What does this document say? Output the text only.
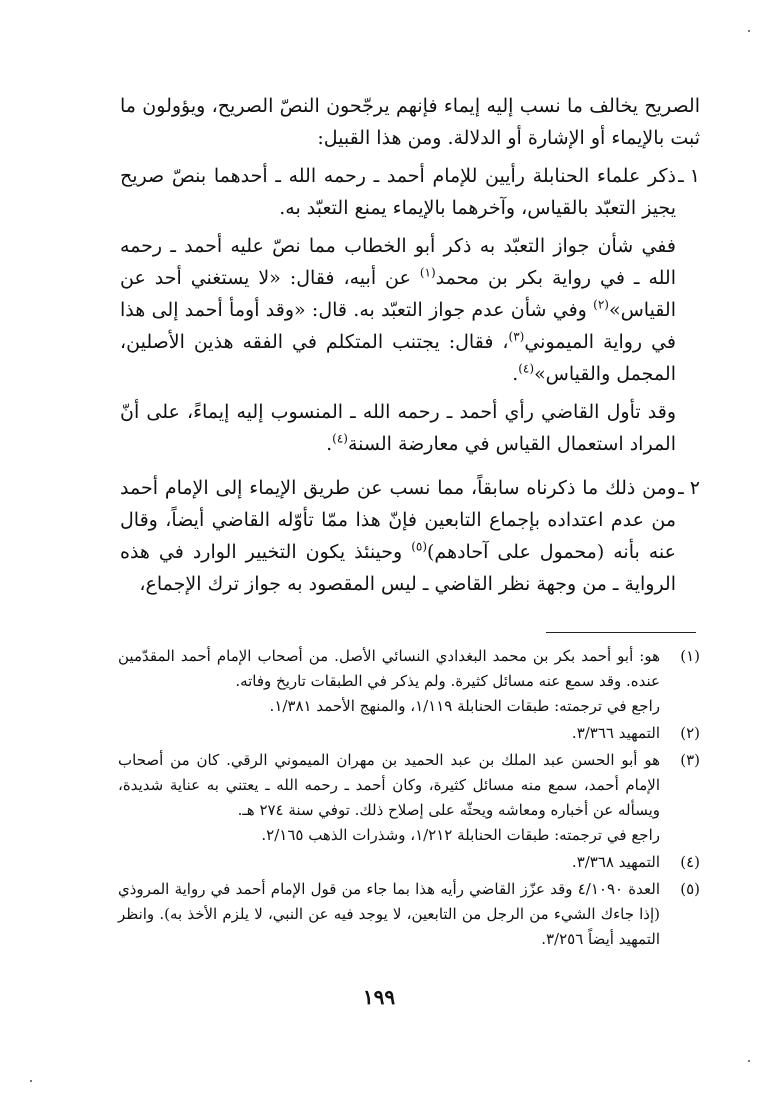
الصريح يخالف ما نسب إليه إيماء فإنهم يرجّحون النصّ الصريح، ويؤولون ما ثبت بالإيماء أو الإشارة أو الدلالة. ومن هذا القبيل:

١ ـ

ذكر علماء الحنابلة رأيين للإمام أحمد ـ رحمه الله ـ أحدهما بنصّ صريح يجيز التعبّد بالقياس، وآخرهما بالإيماء يمنع التعبّد به.

ففي شأن جواز التعبّد به ذكر أبو الخطاب مما نصّ عليه أحمد ـ رحمه الله ـ في رواية بكر بن محمد$^{(١)}$ عن أبيه، فقال: «لا يستغني أحد عن القياس»$^{(٢)}$ وفي شأن عدم جواز التعبّد به. قال: «وقد أومأ أحمد إلى هذا في رواية الميموني$^{(٣)}$، فقال: يجتنب المتكلم في الفقه هذين الأصلين، المجمل والقياس»$^{(٤)}$.

وقد تأول القاضي رأي أحمد ـ رحمه الله ـ المنسوب إليه إيماءً، على أنّ المراد استعمال القياس في معارضة السنة$^{(٤)}$.

٢ ـ

ومن ذلك ما ذكرناه سابقاً، مما نسب عن طريق الإيماء إلى الإمام أحمد من عدم اعتداده بإجماع التابعين فإنّ هذا ممّا تأوّله القاضي أيضاً، وقال عنه بأنه (محمول على آحادهم)$^{(٥)}$ وحينئذ يكون التخيير الوارد في هذه الرواية ـ من وجهة نظر القاضي ـ ليس المقصود به جواز ترك الإجماع،

(١)
هو: أبو أحمد بكر بن محمد البغدادي النسائي الأصل. من أصحاب الإمام أحمد المقدّمين عنده. وقد سمع عنه مسائل كثيرة. ولم يذكر في الطبقات تاريخ وفاته.
راجع في ترجمته: طبقات الحنابلة ١/١١٩، والمنهج الأحمد ١/٣٨١.
(٢)
التمهيد ٣/٣٦٦.
(٣)
هو أبو الحسن عبد الملك بن عبد الحميد بن مهران الميموني الرقي. كان من أصحاب الإمام أحمد، سمع منه مسائل كثيرة، وكان أحمد ـ رحمه الله ـ يعتني به عناية شديدة، ويسأله عن أخباره ومعاشه ويحثّه على إصلاح ذلك. توفي سنة ٢٧٤ هـ.
راجع في ترجمته: طبقات الحنابلة ١/٢١٢، وشذرات الذهب ٢/١٦٥.
(٤)
التمهيد ٣/٣٦٨.
(٥)
العدة ٤/١٠٩٠ وقد عزّز القاضي رأيه هذا بما جاء من قول الإمام أحمد في رواية المروذي (إذا جاءك الشيء من الرجل من التابعين، لا يوجد فيه عن النبي، لا يلزم الأخذ به). وانظر التمهيد أيضاً ٣/٢٥٦.
١٩٩
